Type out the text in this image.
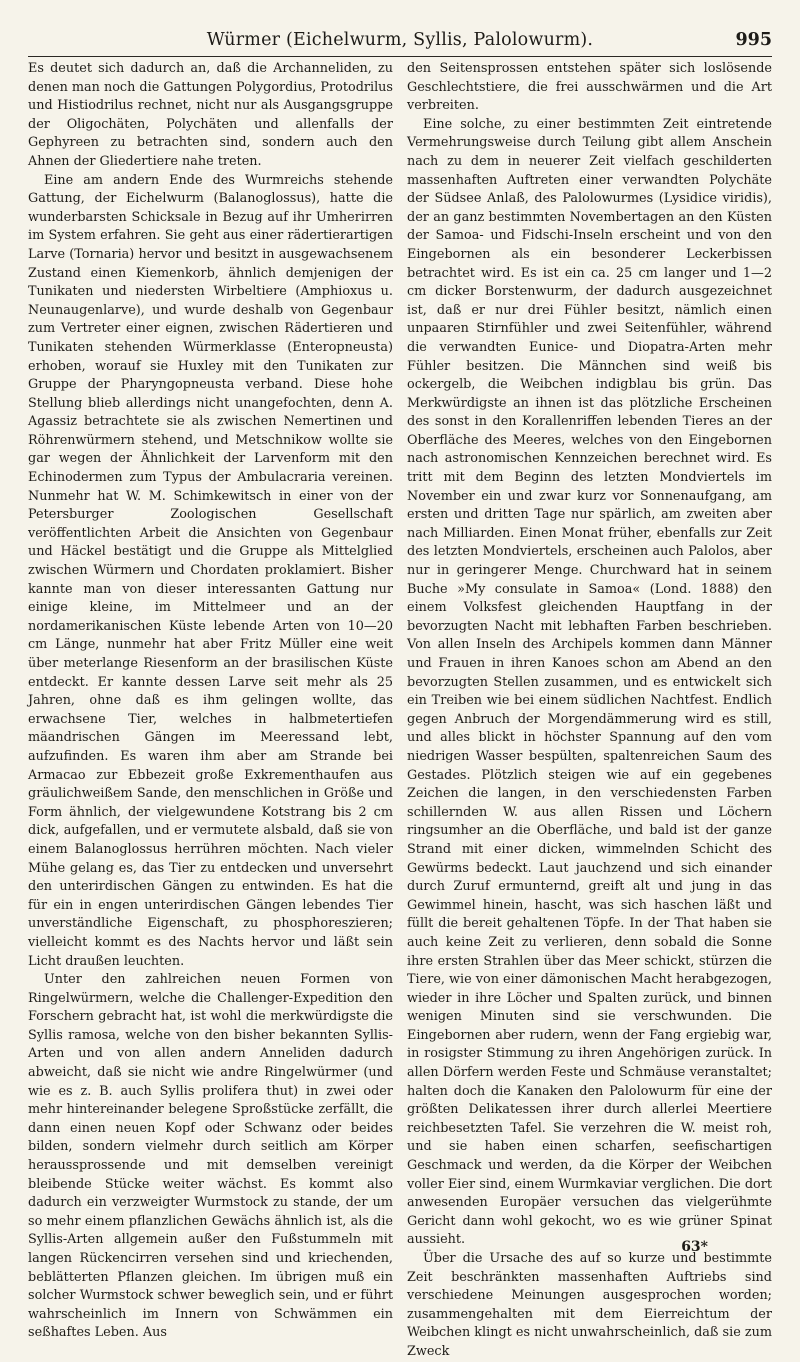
Würmer (Eichelwurm, Syllis, Palolowurm).	995

Es deutet sich dadurch an, daß die Archanneliden, zu denen man noch die Gattungen Polygordius, Protodrilus und Histiodrilus rechnet, nicht nur als Ausgangsgruppe der Oligochäten, Polychäten und allenfalls der Gephyreen zu betrachten sind, sondern auch den Ahnen der Gliedertiere nahe treten.

Eine am andern Ende des Wurmreichs stehende Gattung, der Eichelwurm (Balanoglossus), hatte die wunderbarsten Schicksale in Bezug auf ihr Umherirren im System erfahren. Sie geht aus einer rädertierartigen Larve (Tornaria) hervor und besitzt in ausgewachsenem Zustand einen Kiemenkorb, ähnlich demjenigen der Tunikaten und niedersten Wirbeltiere (Amphioxus u. Neunaugenlarve), und wurde deshalb von Gegenbaur zum Vertreter einer eignen, zwischen Rädertieren und Tunikaten stehenden Würmerklasse (Enteropneusta) erhoben, worauf sie Huxley mit den Tunikaten zur Gruppe der Pharyngopneusta verband. Diese hohe Stellung blieb allerdings nicht unangefochten, denn A. Agassiz betrachtete sie als zwischen Nemertinen und Röhrenwürmern stehend, und Metschnikow wollte sie gar wegen der Ähnlichkeit der Larvenform mit den Echinodermen zum Typus der Ambulacraria vereinen. Nunmehr hat W. M. Schimkewitsch in einer von der Petersburger Zoologischen Gesellschaft veröffentlichten Arbeit die Ansichten von Gegenbaur und Häckel bestätigt und die Gruppe als Mittelglied zwischen Würmern und Chordaten proklamiert. Bisher kannte man von dieser interessanten Gattung nur einige kleine, im Mittelmeer und an der nordamerikanischen Küste lebende Arten von 10—20 cm Länge, nunmehr hat aber Fritz Müller eine weit über meterlange Riesenform an der brasilischen Küste entdeckt. Er kannte dessen Larve seit mehr als 25 Jahren, ohne daß es ihm gelingen wollte, das erwachsene Tier, welches in halbmetertiefen mäandrischen Gängen im Meeressand lebt, aufzufinden. Es waren ihm aber am Strande bei Armacao zur Ebbezeit große Exkrementhaufen aus gräulichweißem Sande, den menschlichen in Größe und Form ähnlich, der vielgewundene Kotstrang bis 2 cm dick, aufgefallen, und er vermutete alsbald, daß sie von einem Balanoglossus herrühren möchten. Nach vieler Mühe gelang es, das Tier zu entdecken und unversehrt den unterirdischen Gängen zu entwinden. Es hat die für ein in engen unterirdischen Gängen lebendes Tier unverständliche Eigenschaft, zu phosphoreszieren; vielleicht kommt es des Nachts hervor und läßt sein Licht draußen leuchten.

Unter den zahlreichen neuen Formen von Ringelwürmern, welche die Challenger-Expedition den Forschern gebracht hat, ist wohl die merkwürdigste die Syllis ramosa, welche von den bisher bekannten Syllis-Arten und von allen andern Anneliden dadurch abweicht, daß sie nicht wie andre Ringelwürmer (und wie es z. B. auch Syllis prolifera thut) in zwei oder mehr hintereinander belegene Sproßstücke zerfällt, die dann einen neuen Kopf oder Schwanz oder beides bilden, sondern vielmehr durch seitlich am Körper heraussprossende und mit demselben vereinigt bleibende Stücke weiter wächst. Es kommt also dadurch ein verzweigter Wurmstock zu stande, der um so mehr einem pflanzlichen Gewächs ähnlich ist, als die Syllis-Arten allgemein außer den Fußstummeln mit langen Rückencirren versehen sind und kriechenden, beblätterten Pflanzen gleichen. Im übrigen muß ein solcher Wurmstock schwer beweglich sein, und er führt wahrscheinlich im Innern von Schwämmen ein seßhaftes Leben. Aus

den Seitensprossen entstehen später sich loslösende Geschlechtstiere, die frei ausschwärmen und die Art verbreiten.

Eine solche, zu einer bestimmten Zeit eintretende Vermehrungsweise durch Teilung gibt allem Anschein nach zu dem in neuerer Zeit vielfach geschilderten massenhaften Auftreten einer verwandten Polychäte der Südsee Anlaß, des Palolowurmes (Lysidice viridis), der an ganz bestimmten Novembertagen an den Küsten der Samoa- und Fidschi-Inseln erscheint und von den Eingebornen als ein besonderer Leckerbissen betrachtet wird. Es ist ein ca. 25 cm langer und 1—2 cm dicker Borstenwurm, der dadurch ausgezeichnet ist, daß er nur drei Fühler besitzt, nämlich einen unpaaren Stirnfühler und zwei Seitenfühler, während die verwandten Eunice- und Diopatra-Arten mehr Fühler besitzen. Die Männchen sind weiß bis ockergelb, die Weibchen indigblau bis grün. Das Merkwürdigste an ihnen ist das plötzliche Erscheinen des sonst in den Korallenriffen lebenden Tieres an der Oberfläche des Meeres, welches von den Eingebornen nach astronomischen Kennzeichen berechnet wird. Es tritt mit dem Beginn des letzten Mondviertels im November ein und zwar kurz vor Sonnenaufgang, am ersten und dritten Tage nur spärlich, am zweiten aber nach Milliarden. Einen Monat früher, ebenfalls zur Zeit des letzten Mondviertels, erscheinen auch Palolos, aber nur in geringerer Menge. Churchward hat in seinem Buche »My consulate in Samoa« (Lond. 1888) den einem Volksfest gleichenden Hauptfang in der bevorzugten Nacht mit lebhaften Farben beschrieben. Von allen Inseln des Archipels kommen dann Männer und Frauen in ihren Kanoes schon am Abend an den bevorzugten Stellen zusammen, und es entwickelt sich ein Treiben wie bei einem südlichen Nachtfest. Endlich gegen Anbruch der Morgendämmerung wird es still, und alles blickt in höchster Spannung auf den vom niedrigen Wasser bespülten, spaltenreichen Saum des Gestades. Plötzlich steigen wie auf ein gegebenes Zeichen die langen, in den verschiedensten Farben schillernden W. aus allen Rissen und Löchern ringsumher an die Oberfläche, und bald ist der ganze Strand mit einer dicken, wimmelnden Schicht des Gewürms bedeckt. Laut jauchzend und sich einander durch Zuruf ermunternd, greift alt und jung in das Gewimmel hinein, hascht, was sich haschen läßt und füllt die bereit gehaltenen Töpfe. In der That haben sie auch keine Zeit zu verlieren, denn sobald die Sonne ihre ersten Strahlen über das Meer schickt, stürzen die Tiere, wie von einer dämonischen Macht herabgezogen, wieder in ihre Löcher und Spalten zurück, und binnen wenigen Minuten sind sie verschwunden. Die Eingebornen aber rudern, wenn der Fang ergiebig war, in rosigster Stimmung zu ihren Angehörigen zurück. In allen Dörfern werden Feste und Schmäuse veranstaltet; halten doch die Kanaken den Palolowurm für eine der größten Delikatessen ihrer durch allerlei Meertiere reichbesetzten Tafel. Sie verzehren die W. meist roh, und sie haben einen scharfen, seefischartigen Geschmack und werden, da die Körper der Weibchen voller Eier sind, einem Wurmkaviar verglichen. Die dort anwesenden Europäer versuchen das vielgerühmte Gericht dann wohl gekocht, wo es wie grüner Spinat aussieht.

Über die Ursache des auf so kurze und bestimmte Zeit beschränkten massenhaften Auftriebs sind verschiedene Meinungen ausgesprochen worden; zusammengehalten mit dem Eierreichtum der Weibchen klingt es nicht unwahrscheinlich, daß sie zum Zweck

63*
